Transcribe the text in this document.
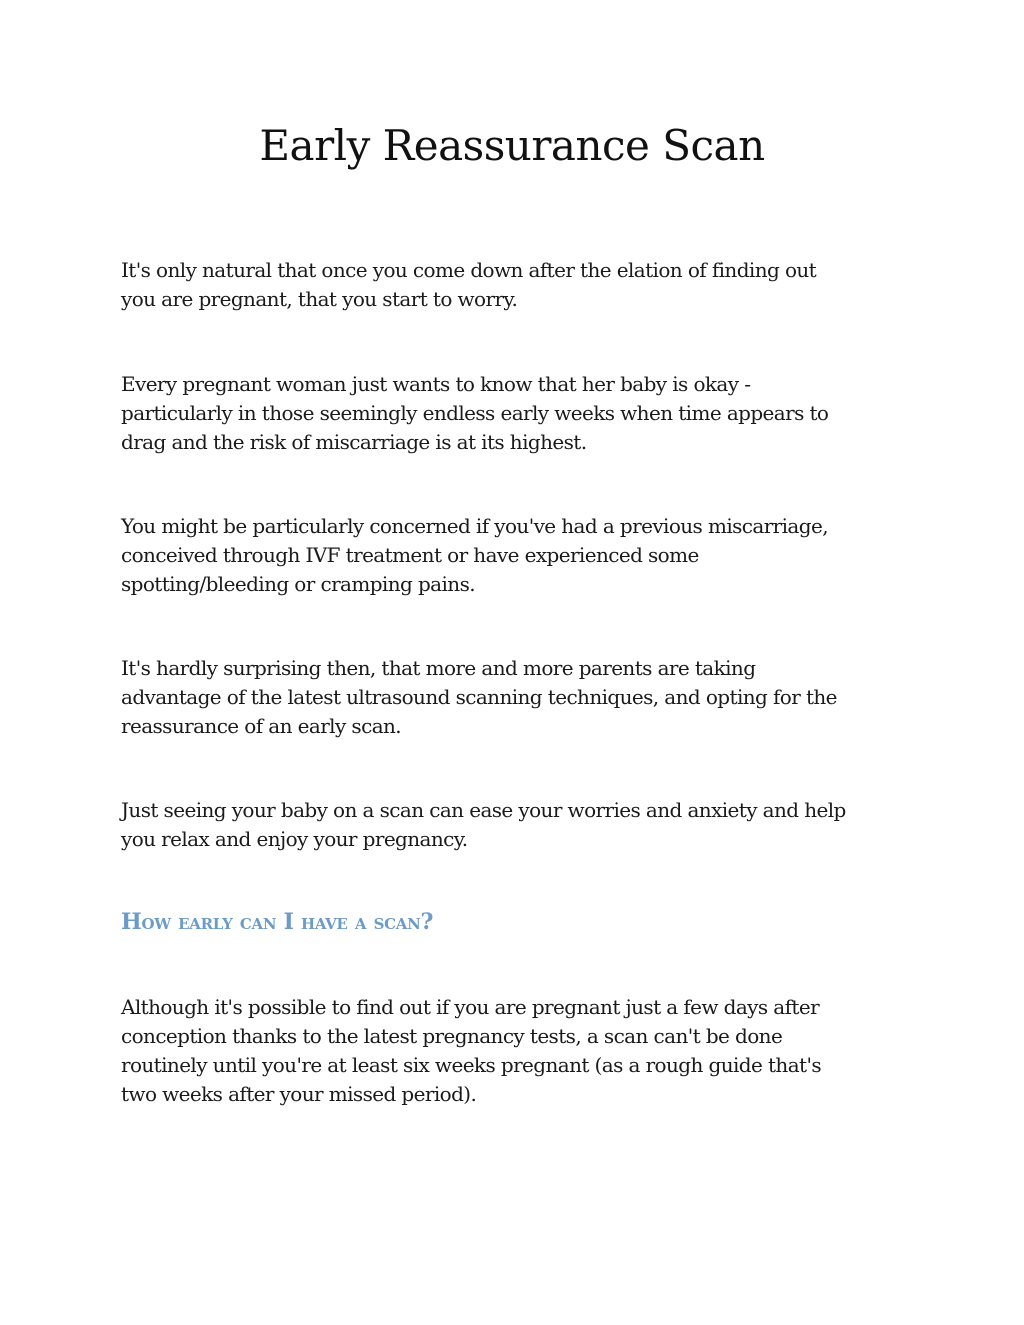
Early Reassurance Scan

It's only natural that once you come down after the elation of finding out
you are pregnant, that you start to worry.

Every pregnant woman just wants to know that her baby is okay -
particularly in those seemingly endless early weeks when time appears to
drag and the risk of miscarriage is at its highest.

You might be particularly concerned if you've had a previous miscarriage,
conceived through IVF treatment or have experienced some
spotting/bleeding or cramping pains.

It's hardly surprising then, that more and more parents are taking
advantage of the latest ultrasound scanning techniques, and opting for the
reassurance of an early scan.

Just seeing your baby on a scan can ease your worries and anxiety and help
you relax and enjoy your pregnancy.

How early can I have a scan?

Although it's possible to find out if you are pregnant just a few days after
conception thanks to the latest pregnancy tests, a scan can't be done
routinely until you're at least six weeks pregnant (as a rough guide that's
two weeks after your missed period).
